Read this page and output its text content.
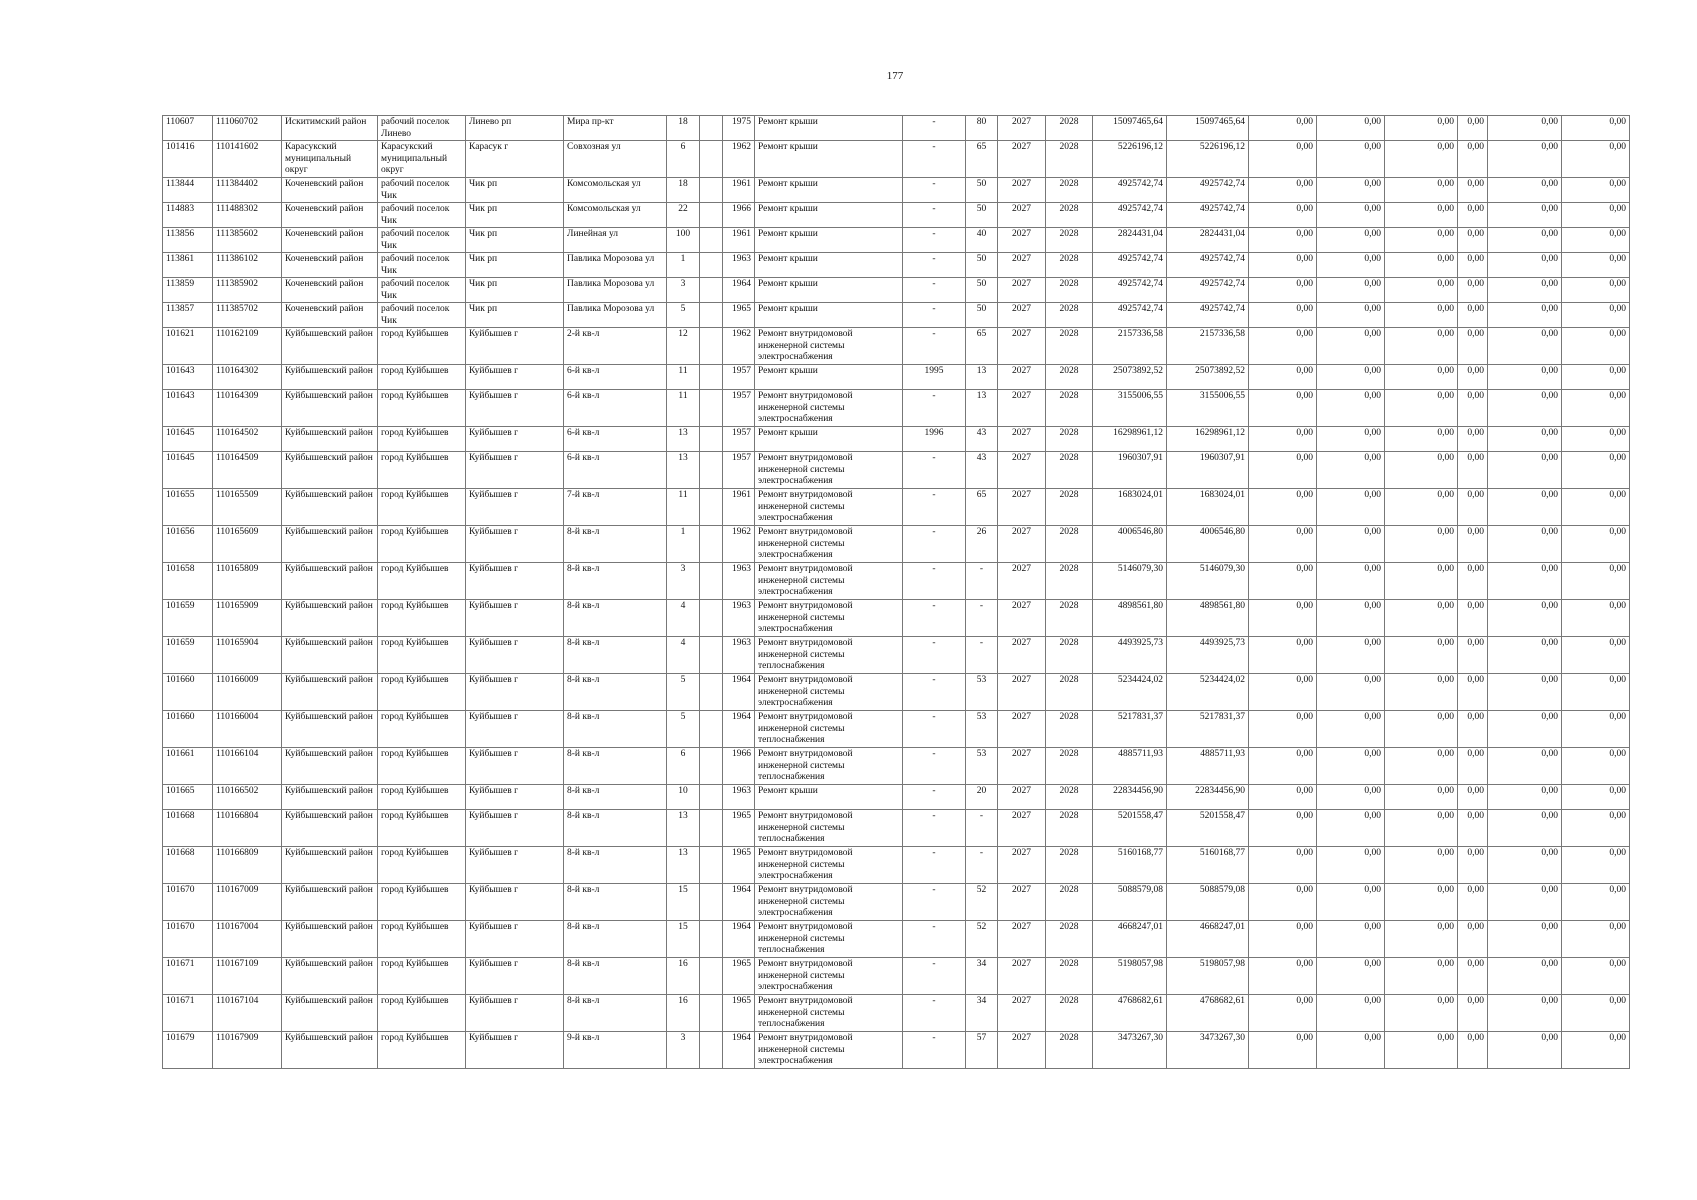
177
110607	111060702	Искитимский район	рабочий поселок Линево	Линево рп	Мира пр-кт	18		1975	Ремонт крыши	-	80	2027	2028	15097465,64	15097465,64	0,00	0,00	0,00	0,00	0,00	0,00
101416	110141602	Карасукский муниципальный округ	Карасукский муниципальный округ	Карасук г	Совхозная ул	6		1962	Ремонт крыши	-	65	2027	2028	5226196,12	5226196,12	0,00	0,00	0,00	0,00	0,00	0,00
113844	111384402	Коченевский район	рабочий поселок Чик	Чик рп	Комсомольская ул	18		1961	Ремонт крыши	-	50	2027	2028	4925742,74	4925742,74	0,00	0,00	0,00	0,00	0,00	0,00
114883	111488302	Коченевский район	рабочий поселок Чик	Чик рп	Комсомольская ул	22		1966	Ремонт крыши	-	50	2027	2028	4925742,74	4925742,74	0,00	0,00	0,00	0,00	0,00	0,00
113856	111385602	Коченевский район	рабочий поселок Чик	Чик рп	Линейная ул	100		1961	Ремонт крыши	-	40	2027	2028	2824431,04	2824431,04	0,00	0,00	0,00	0,00	0,00	0,00
113861	111386102	Коченевский район	рабочий поселок Чик	Чик рп	Павлика Морозова ул	1		1963	Ремонт крыши	-	50	2027	2028	4925742,74	4925742,74	0,00	0,00	0,00	0,00	0,00	0,00
113859	111385902	Коченевский район	рабочий поселок Чик	Чик рп	Павлика Морозова ул	3		1964	Ремонт крыши	-	50	2027	2028	4925742,74	4925742,74	0,00	0,00	0,00	0,00	0,00	0,00
113857	111385702	Коченевский район	рабочий поселок Чик	Чик рп	Павлика Морозова ул	5		1965	Ремонт крыши	-	50	2027	2028	4925742,74	4925742,74	0,00	0,00	0,00	0,00	0,00	0,00
101621	110162109	Куйбышевский район	город Куйбышев	Куйбышев г	2-й кв-л	12		1962	Ремонт внутридомовой инженерной системы электроснабжения	-	65	2027	2028	2157336,58	2157336,58	0,00	0,00	0,00	0,00	0,00	0,00
101643	110164302	Куйбышевский район	город Куйбышев	Куйбышев г	6-й кв-л	11		1957	Ремонт крыши	1995	13	2027	2028	25073892,52	25073892,52	0,00	0,00	0,00	0,00	0,00	0,00
101643	110164309	Куйбышевский район	город Куйбышев	Куйбышев г	6-й кв-л	11		1957	Ремонт внутридомовой инженерной системы электроснабжения	-	13	2027	2028	3155006,55	3155006,55	0,00	0,00	0,00	0,00	0,00	0,00
101645	110164502	Куйбышевский район	город Куйбышев	Куйбышев г	6-й кв-л	13		1957	Ремонт крыши	1996	43	2027	2028	16298961,12	16298961,12	0,00	0,00	0,00	0,00	0,00	0,00
101645	110164509	Куйбышевский район	город Куйбышев	Куйбышев г	6-й кв-л	13		1957	Ремонт внутридомовой инженерной системы электроснабжения	-	43	2027	2028	1960307,91	1960307,91	0,00	0,00	0,00	0,00	0,00	0,00
101655	110165509	Куйбышевский район	город Куйбышев	Куйбышев г	7-й кв-л	11		1961	Ремонт внутридомовой инженерной системы электроснабжения	-	65	2027	2028	1683024,01	1683024,01	0,00	0,00	0,00	0,00	0,00	0,00
101656	110165609	Куйбышевский район	город Куйбышев	Куйбышев г	8-й кв-л	1		1962	Ремонт внутридомовой инженерной системы электроснабжения	-	26	2027	2028	4006546,80	4006546,80	0,00	0,00	0,00	0,00	0,00	0,00
101658	110165809	Куйбышевский район	город Куйбышев	Куйбышев г	8-й кв-л	3		1963	Ремонт внутридомовой инженерной системы электроснабжения	-	-	2027	2028	5146079,30	5146079,30	0,00	0,00	0,00	0,00	0,00	0,00
101659	110165909	Куйбышевский район	город Куйбышев	Куйбышев г	8-й кв-л	4		1963	Ремонт внутридомовой инженерной системы электроснабжения	-	-	2027	2028	4898561,80	4898561,80	0,00	0,00	0,00	0,00	0,00	0,00
101659	110165904	Куйбышевский район	город Куйбышев	Куйбышев г	8-й кв-л	4		1963	Ремонт внутридомовой инженерной системы теплоснабжения	-	-	2027	2028	4493925,73	4493925,73	0,00	0,00	0,00	0,00	0,00	0,00
101660	110166009	Куйбышевский район	город Куйбышев	Куйбышев г	8-й кв-л	5		1964	Ремонт внутридомовой инженерной системы электроснабжения	-	53	2027	2028	5234424,02	5234424,02	0,00	0,00	0,00	0,00	0,00	0,00
101660	110166004	Куйбышевский район	город Куйбышев	Куйбышев г	8-й кв-л	5		1964	Ремонт внутридомовой инженерной системы теплоснабжения	-	53	2027	2028	5217831,37	5217831,37	0,00	0,00	0,00	0,00	0,00	0,00
101661	110166104	Куйбышевский район	город Куйбышев	Куйбышев г	8-й кв-л	6		1966	Ремонт внутридомовой инженерной системы теплоснабжения	-	53	2027	2028	4885711,93	4885711,93	0,00	0,00	0,00	0,00	0,00	0,00
101665	110166502	Куйбышевский район	город Куйбышев	Куйбышев г	8-й кв-л	10		1963	Ремонт крыши	-	20	2027	2028	22834456,90	22834456,90	0,00	0,00	0,00	0,00	0,00	0,00
101668	110166804	Куйбышевский район	город Куйбышев	Куйбышев г	8-й кв-л	13		1965	Ремонт внутридомовой инженерной системы теплоснабжения	-	-	2027	2028	5201558,47	5201558,47	0,00	0,00	0,00	0,00	0,00	0,00
101668	110166809	Куйбышевский район	город Куйбышев	Куйбышев г	8-й кв-л	13		1965	Ремонт внутридомовой инженерной системы электроснабжения	-	-	2027	2028	5160168,77	5160168,77	0,00	0,00	0,00	0,00	0,00	0,00
101670	110167009	Куйбышевский район	город Куйбышев	Куйбышев г	8-й кв-л	15		1964	Ремонт внутридомовой инженерной системы электроснабжения	-	52	2027	2028	5088579,08	5088579,08	0,00	0,00	0,00	0,00	0,00	0,00
101670	110167004	Куйбышевский район	город Куйбышев	Куйбышев г	8-й кв-л	15		1964	Ремонт внутридомовой инженерной системы теплоснабжения	-	52	2027	2028	4668247,01	4668247,01	0,00	0,00	0,00	0,00	0,00	0,00
101671	110167109	Куйбышевский район	город Куйбышев	Куйбышев г	8-й кв-л	16		1965	Ремонт внутридомовой инженерной системы электроснабжения	-	34	2027	2028	5198057,98	5198057,98	0,00	0,00	0,00	0,00	0,00	0,00
101671	110167104	Куйбышевский район	город Куйбышев	Куйбышев г	8-й кв-л	16		1965	Ремонт внутридомовой инженерной системы теплоснабжения	-	34	2027	2028	4768682,61	4768682,61	0,00	0,00	0,00	0,00	0,00	0,00
101679	110167909	Куйбышевский район	город Куйбышев	Куйбышев г	9-й кв-л	3		1964	Ремонт внутридомовой инженерной системы электроснабжения	-	57	2027	2028	3473267,30	3473267,30	0,00	0,00	0,00	0,00	0,00	0,00
